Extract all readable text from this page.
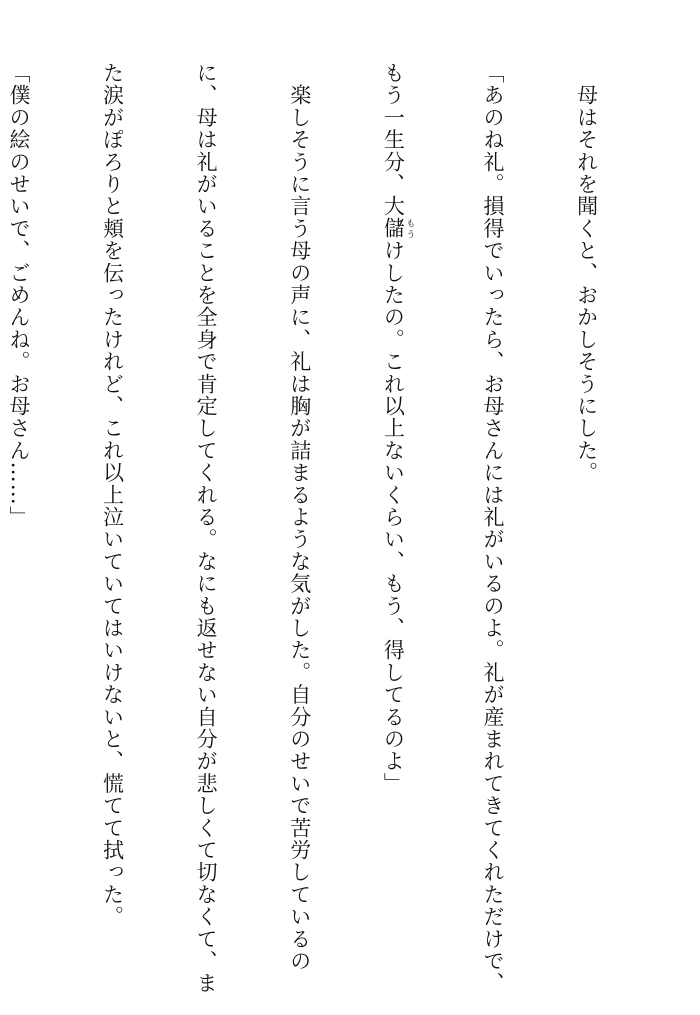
　母はそれを聞くと、おかしそうにした。

「あのね礼。損得でいったら、お母さんには礼がいるのよ。礼が産まれてきてくれただけで、

もう一生分、大儲 もうけしたの。これ以上ないくらい、もう、得してるのよ」

　楽しそうに言う母の声に、礼は胸が詰まるような気がした。自分のせいで苦労しているの

に、母は礼がいることを全身で肯定してくれる。なにも返せない自分が悲しくて切なくて、ま

た涙がぽろりと頬を伝ったけれど、これ以上泣いていてはいけないと、慌てて拭った。

「僕の絵のせいで、ごめんね。お母さん……」
